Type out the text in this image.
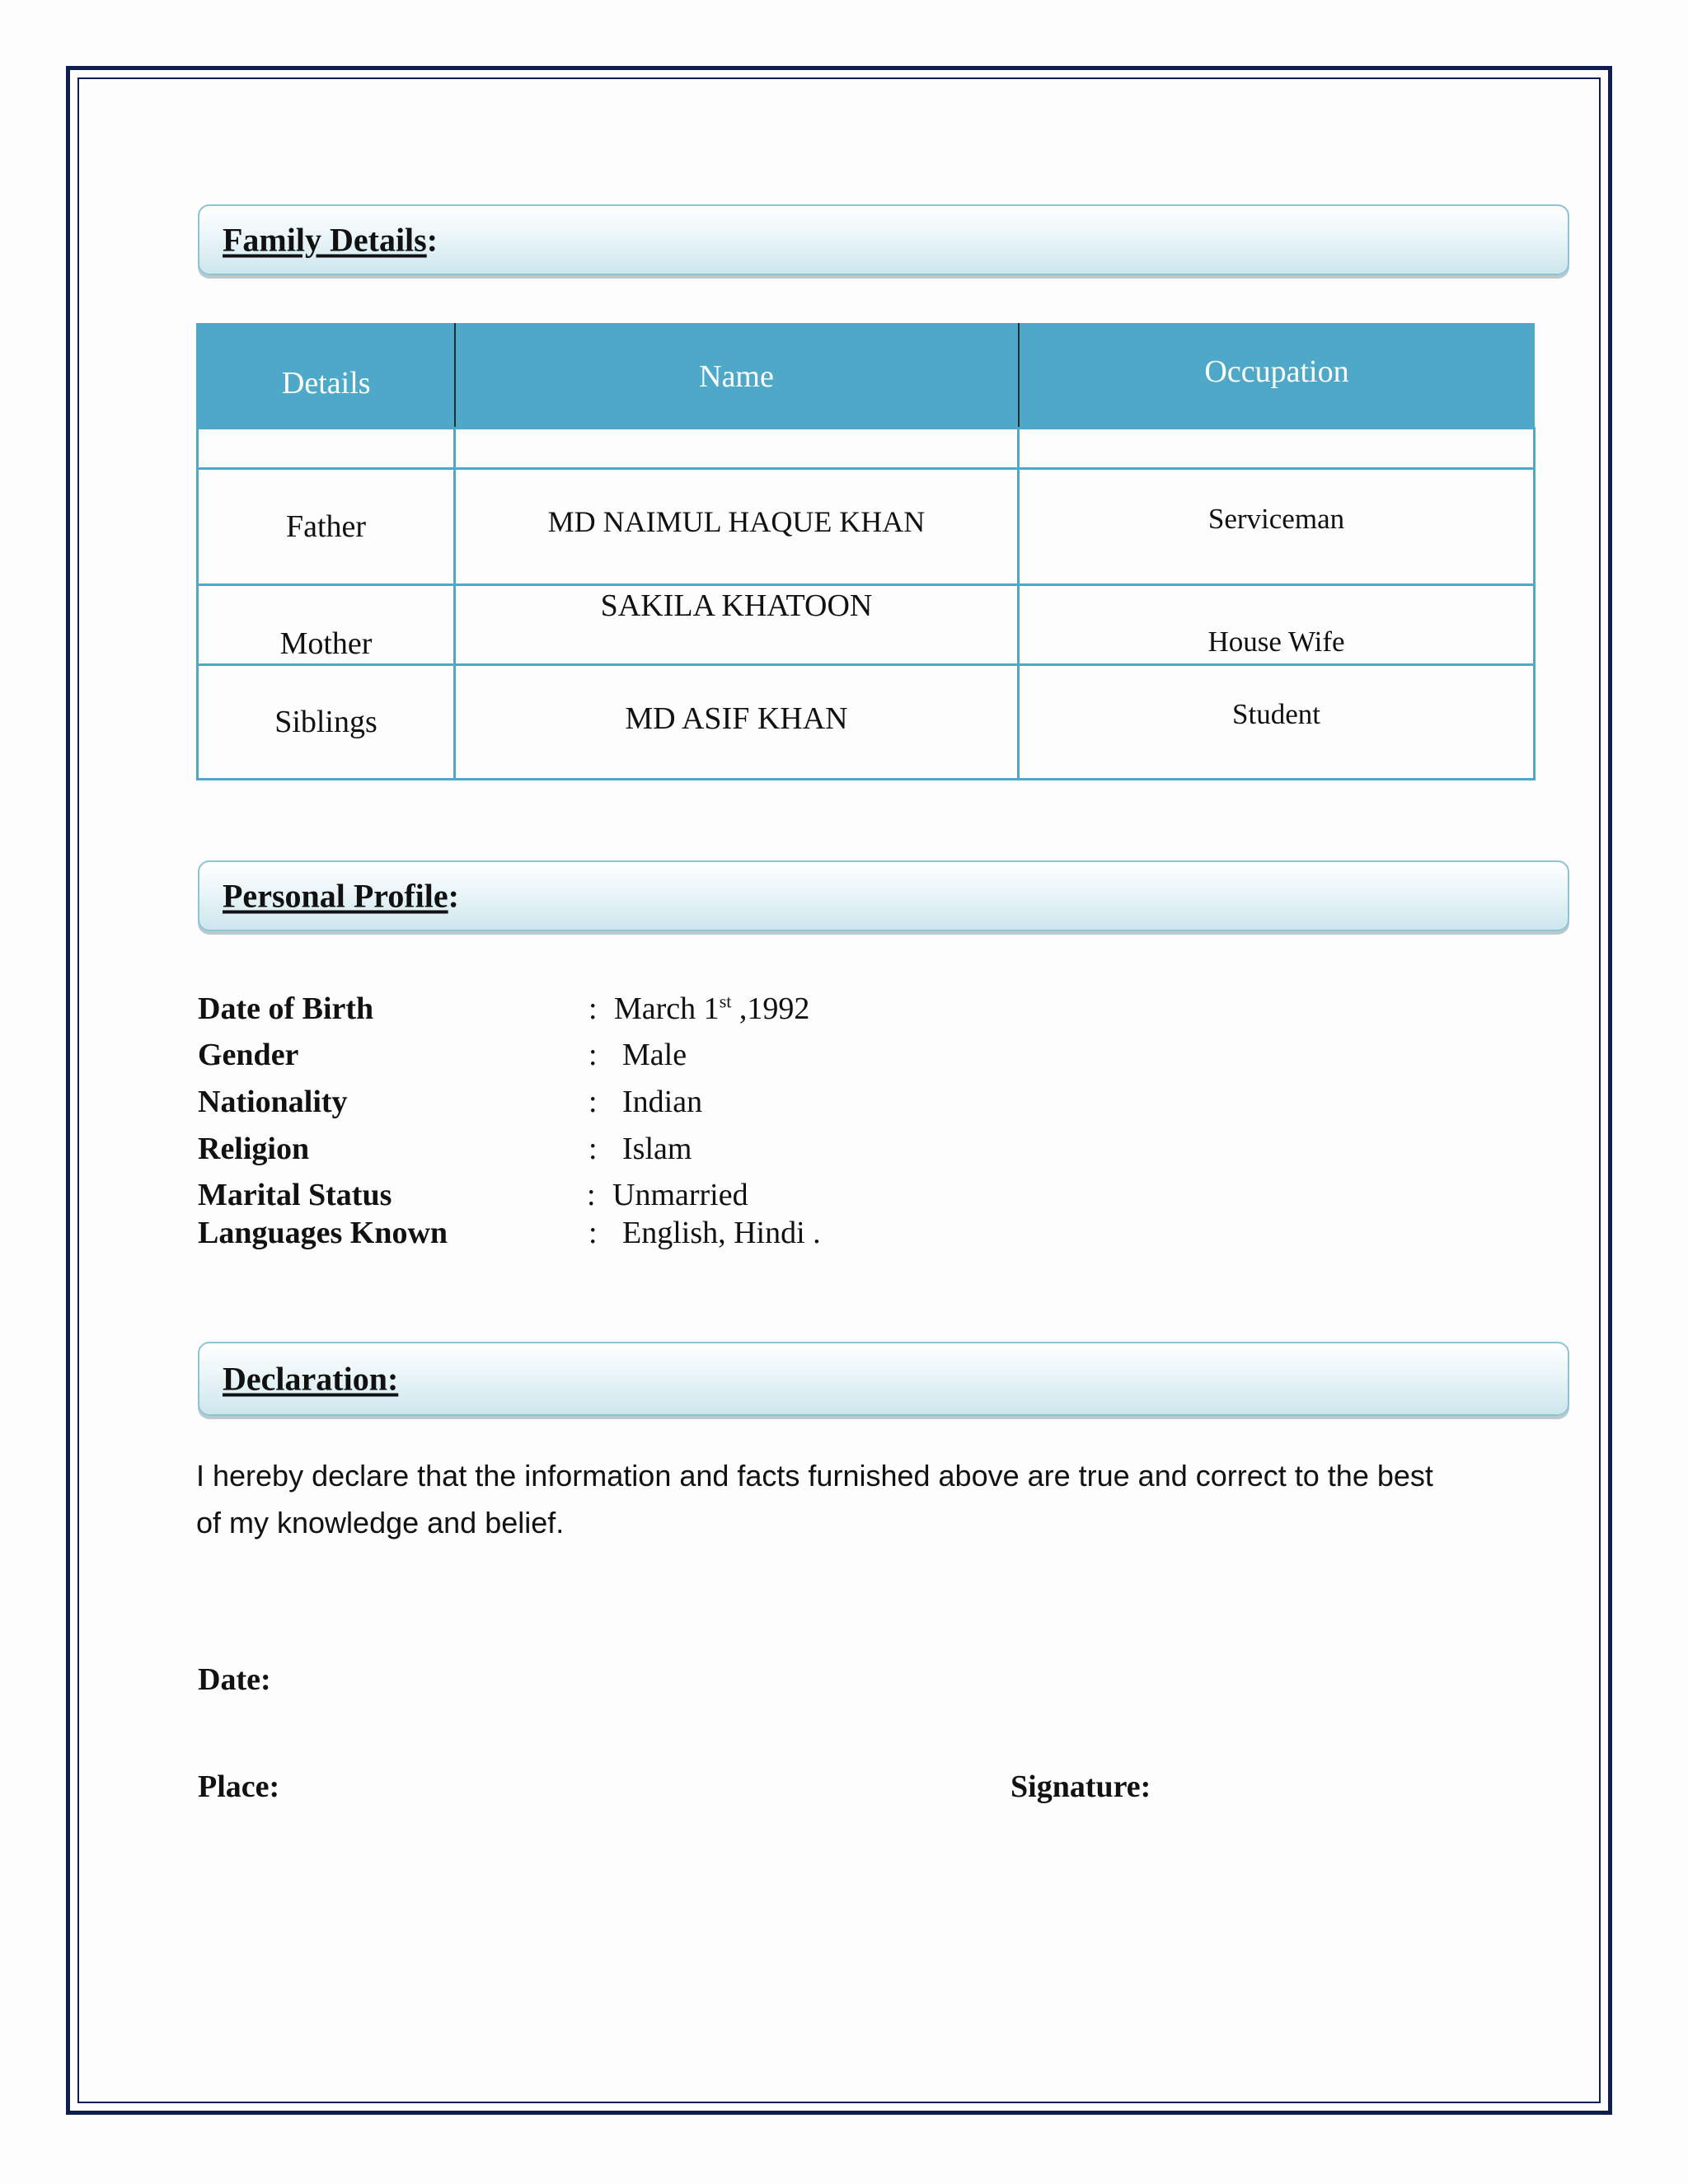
Family Details:
Details	Name	Occupation

Father	MD NAIMUL HAQUE KHAN	Serviceman

Mother	SAKILA KHATOON	House Wife

Siblings	MD ASIF KHAN	Student
Personal Profile:
Date of Birth	: March 1st ,1992
Gender	: Male
Nationality	: Indian
Religion	: Islam
Marital Status	: Unmarried
Languages Known	: English, Hindi .
Declaration:
I hereby declare that the information and facts furnished above are true and correct to the best
of my knowledge and belief.
Date:
Place:	Signature:
